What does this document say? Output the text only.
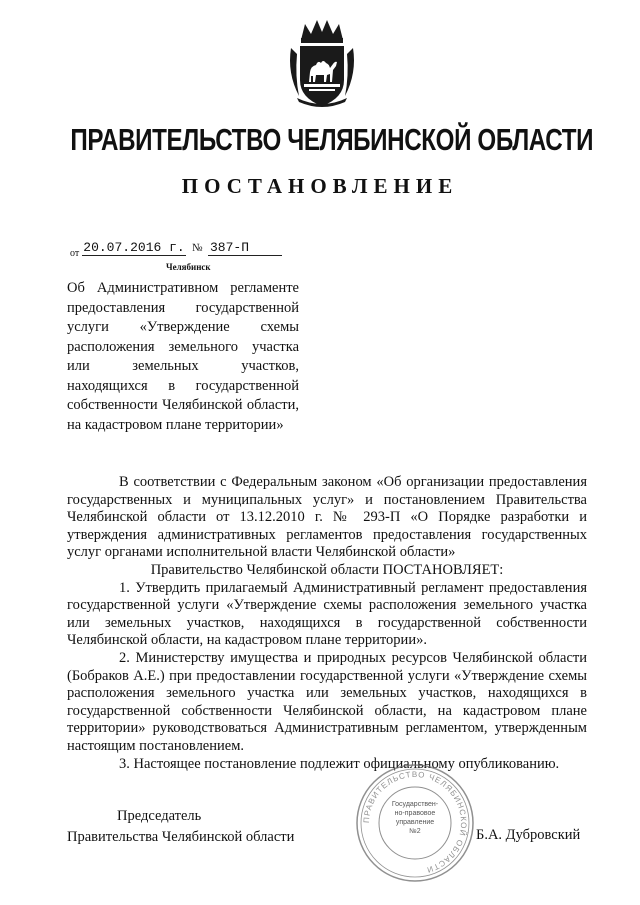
ПРАВИТЕЛЬСТВО ЧЕЛЯБИНСКОЙ ОБЛАСТИ
ПОСТАНОВЛЕНИЕ
от 20.07.2016 г. № 387-П
Челябинск
Об Административном регламенте предоставления государственной услуги «Утверждение схемы расположения земельного участка или земельных участков, находящихся в государственной собственности Челябинской области, на кадастровом плане территории»

В соответствии с Федеральным законом «Об организации предоставления государственных и муниципальных услуг» и постановлением Правительства Челябинской области от 13.12.2010 г. № 293-П «О Порядке разработки и утверждения административных регламентов предоставления государственных услуг органами исполнительной власти Челябинской области»

Правительство Челябинской области ПОСТАНОВЛЯЕТ:

1. Утвердить прилагаемый Административный регламент предоставления государственной услуги «Утверждение схемы расположения земельного участка или земельных участков, находящихся в государственной собственности Челябинской области, на кадастровом плане территории».

2. Министерству имущества и природных ресурсов Челябинской области (Бобраков А.Е.) при предоставлении государственной услуги «Утверждение схемы расположения земельного участка или земельных участков, находящихся в государственной собственности Челябинской области, на кадастровом плане территории» руководствоваться Административным регламентом, утвержденным настоящим постановлением.

3. Настоящее постановление подлежит официальному опубликованию.

ПРАВИТЕЛЬСТВО ЧЕЛЯБИНСКОЙ ОБЛАСТИ
Государствен-
но-правовое
управление
№2
Председатель
Правительства Челябинской области	Б.А. Дубровский
